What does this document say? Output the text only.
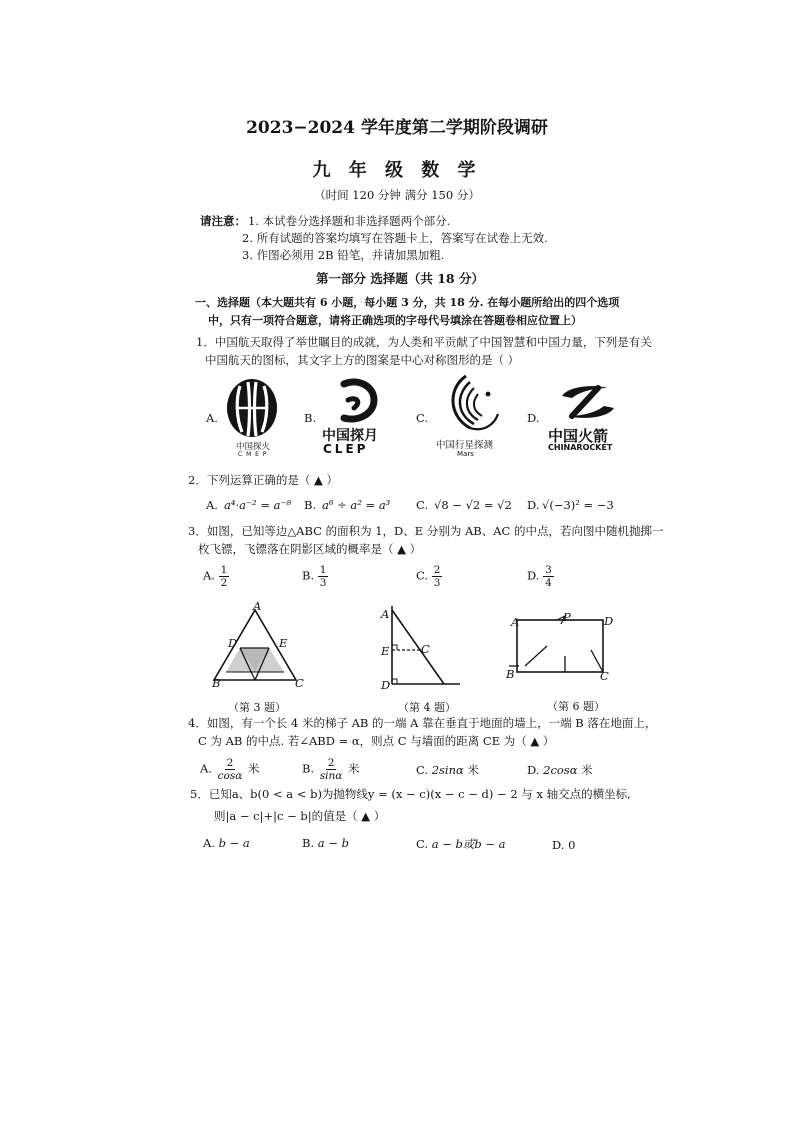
2023−2024 学年度第二学期阶段调研
九 年 级 数 学
（时间 120 分钟 满分 150 分）
请注意： 1. 本试卷分选择题和非选择题两个部分.
2. 所有试题的答案均填写在答题卡上，答案写在试卷上无效.
3. 作图必须用 2B 铅笔，并请加黑加粗.
第一部分 选择题（共 18 分）
一、选择题（本大题共有 6 小题，每小题 3 分，共 18 分. 在每小题所给出的四个选项
中，只有一项符合题意，请将正确选项的字母代号填涂在答题卷相应位置上）
1．中国航天取得了举世瞩目的成就，为人类和平贡献了中国智慧和中国力量，下列是有关
中国航天的图标，其文字上方的图案是中心对称图形的是（ ）
A.
中国探火
C M E P
B.
中国探月
CLEP
C.
中国行星探测
Mars
D.
中国火箭
CHINAROCKET
2．下列运算正确的是（ ▲ ）
A. a⁴·a⁻² = a⁻⁸ B. a⁶ ÷ a² = a³ C. √8 − √2 = √2 D. √(−3)² = −3
3．如图，已知等边△ABC 的面积为 1，D、E 分别为 AB、AC 的中点，若向图中随机抛掷一
枚飞镖，飞镖落在阴影区域的概率是（ ▲ ）
A. $\frac{1}{2}$	B. $\frac{1}{3}$	C. $\frac{2}{3}$	D. $\frac{3}{4}$
A
D	E
B	C
（第 3 题）
A
E	C
D
（第 4 题）
A	P	D
B	C
（第 6 题）
4．如图，有一个长 4 米的梯子 AB 的一端 A 靠在垂直于地面的墙上，一端 B 落在地面上，
C 为 AB 的中点. 若∠ABD = α，则点 C 与墙面的距离 CE 为（ ▲ ）
A. $\frac{2}{\cos\alpha}$ 米	B. $\frac{2}{\sin\alpha}$ 米	C. 2sinα 米	D. 2cosα 米
5．已知a、b(0 < a < b)为抛物线y = (x − c)(x − c − d) − 2 与 x 轴交点的横坐标,
则|a − c|+|c − b|的值是（ ▲ ）
A. b − a	B. a − b	C. a − b或b − a	D. 0
